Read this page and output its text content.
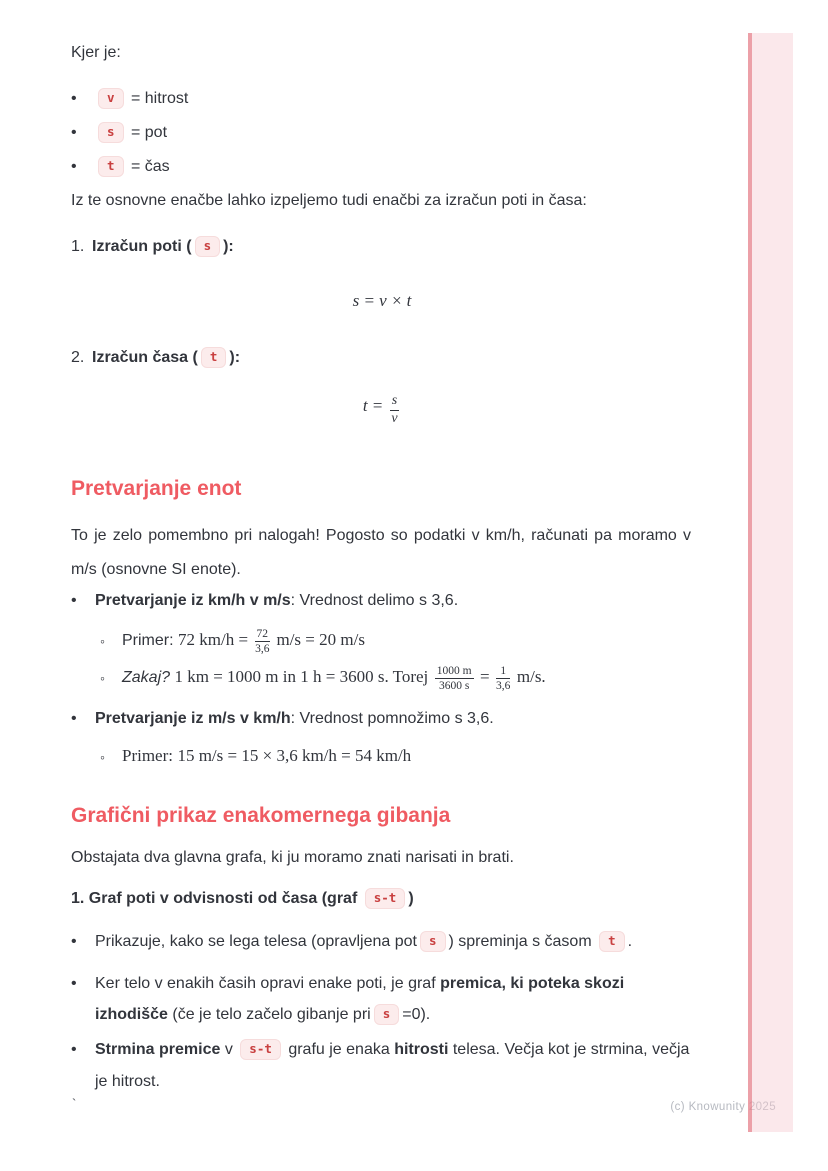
Kjer je:

•
v = hitrost
•
s = pot
•
t = čas

Iz te osnovne enačbe lahko izpeljemo tudi enačbi za izračun poti in časa:

1. Izračun poti ( s ):
s = v × t
2. Izračun časa ( t ):
$t = \frac{s}{v}$
Pretvarjanje enot

To je zelo pomembno pri nalogah! Pogosto so podatki v km/h, računati pa moramo v m/s (osnovne SI enote).

•
Pretvarjanje iz km/h v m/s: Vrednost delimo s 3,6.
◦
Primer: 72 $km/h = \frac{72}{3,6} m/s = 20$ m/s
◦
Zakaj? 1 km = 1000 m in 1 h = 3600 s. Torej $\frac{1000 m}{3600 s} = \frac{1}{3,6} m/s$.
•
Pretvarjanje iz m/s v km/h: Vrednost pomnožimo s 3,6.
◦
Primer: 15 m/s = 15 × 3,6 km/h = 54 km/h
Grafični prikaz enakomernega gibanja

Obstajata dva glavna grafa, ki ju moramo znati narisati in brati.

1. Graf poti v odvisnosti od časa (graf s-t )

•
Prikazuje, kako se lega telesa (opravljena pot s ) spreminja s časom t .
•
Ker telo v enakih časih opravi enake poti, je graf premica, ki poteka skozi izhodišče (če je telo začelo gibanje pri s =0).
•
Strmina premice v s-t grafu je enaka hitrosti telesa. Večja kot je strmina, večja je hitrost.
`	(c) Knowunity 2025
